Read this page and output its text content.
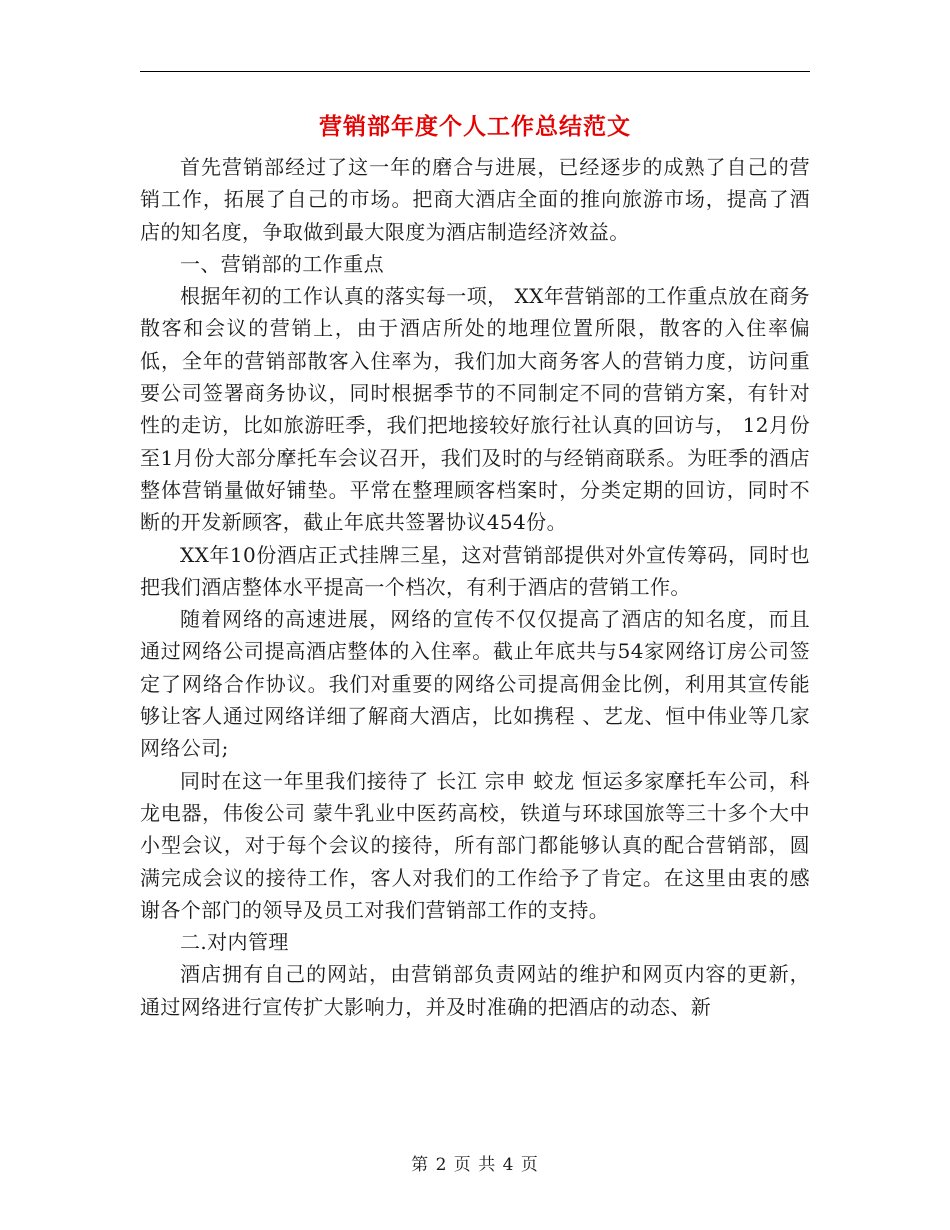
营销部年度个人工作总结范文

首先营销部经过了这一年的磨合与进展，已经逐步的成熟了自己的营销工作，拓展了自己的市场。把商大酒店全面的推向旅游市场，提高了酒店的知名度，争取做到最大限度为酒店制造经济效益。

一、营销部的工作重点

根据年初的工作认真的落实每一项， XX年营销部的工作重点放在商务散客和会议的营销上，由于酒店所处的地理位置所限，散客的入住率偏低，全年的营销部散客入住率为，我们加大商务客人的营销力度，访问重要公司签署商务协议，同时根据季节的不同制定不同的营销方案，有针对性的走访，比如旅游旺季，我们把地接较好旅行社认真的回访与， 12月份至1月份大部分摩托车会议召开，我们及时的与经销商联系。为旺季的酒店整体营销量做好铺垫。平常在整理顾客档案时，分类定期的回访，同时不断的开发新顾客，截止年底共签署协议454份。

XX年10份酒店正式挂牌三星，这对营销部提供对外宣传筹码，同时也把我们酒店整体水平提高一个档次，有利于酒店的营销工作。

随着网络的高速进展，网络的宣传不仅仅提高了酒店的知名度，而且通过网络公司提高酒店整体的入住率。截止年底共与54家网络订房公司签定了网络合作协议。我们对重要的网络公司提高佣金比例，利用其宣传能够让客人通过网络详细了解商大酒店，比如携程 、艺龙、恒中伟业等几家网络公司;

同时在这一年里我们接待了 长江 宗申 蛟龙 恒运多家摩托车公司，科龙电器，伟俊公司 蒙牛乳业中医药高校，铁道与环球国旅等三十多个大中小型会议，对于每个会议的接待，所有部门都能够认真的配合营销部，圆满完成会议的接待工作，客人对我们的工作给予了肯定。在这里由衷的感谢各个部门的领导及员工对我们营销部工作的支持。

二.对内管理

酒店拥有自己的网站，由营销部负责网站的维护和网页内容的更新，通过网络进行宣传扩大影响力，并及时准确的把酒店的动态、新

第 2 页 共 4 页
